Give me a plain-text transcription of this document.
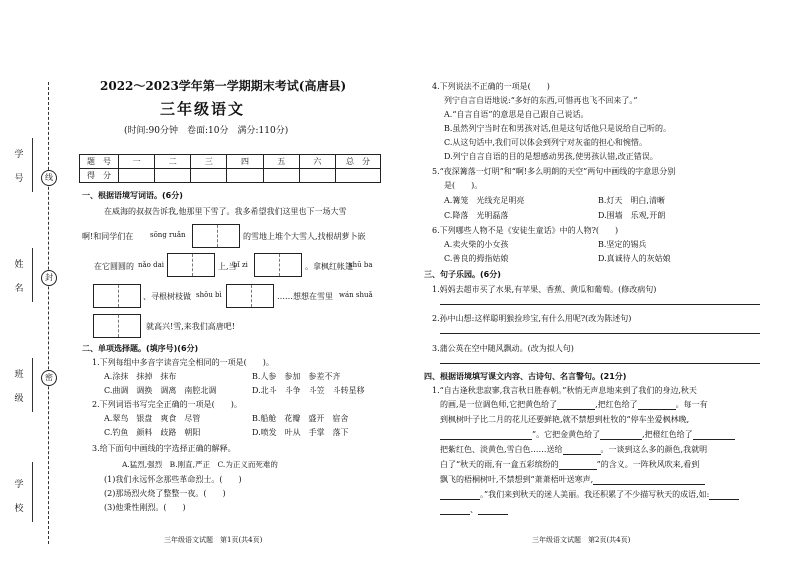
学
号
姓
名
班
级
学
校
线
封
密
2022～2023学年第一学期期末考试(高唐县)
三年级语文
(时间:90分钟　卷面:10分　满分:110分)
题　号	一	二	三	四	五	六	总　分
得　分							
一、根据语境写词语。(6分)
在威海的叔叔告诉我,他那里下雪了。我多希望我们这里也下一场大雪
啊!和同学们在 sōng ruǎn	的雪地上堆个大雪人,找根胡萝卜嵌
在它圆圆的 nǎo dai	上,当
bǐ zi	。拿枫红帐篷
shū ba
、寻根树枝做 shǒu bì	……想想在雪里 wán shuǎ
就高兴!雪,来我们高唐吧!
二、单项选择题。(填序号)(6分)
1.下列每组中多音字读音完全相同的一项是(　　)。
A.涂抹　抹掉　抹布	B.人参　参加　参差不齐
C.曲调　调换　调离　南腔北调	D.北斗　斗争　斗笠　斗转星移
2.下列词语书写完全正确的一项是(　　)。
A.翠鸟　银盘　爽食　尽管	B.船舱　花瓣　盛开　宿舍
C.钓鱼　颜料　歧路　朝阳	D.喷发　叶从　手掌　落下
3.给下面句中画线的字选择正确的解释。
A.猛烈,强烈　B.刚直,严正　C.为正义而死难的
(1)我们永远怀念那些革命烈士。(　　)
(2)那场烈火烧了整整一夜。(　　)
(3)他秉性刚烈。(　　)
三年级语文试题　第1页(共4页)
4.下列说法不正确的一项是(　　)
列宁自言自语地说:“多好的东西,可惜再也飞不回来了。”
A.“自言自语”的意思是自己跟自己说话。
B.虽然列宁当时在和男孩对话,但是这句话他只是说给自己听的。
C.从这句话中,我们可以体会到列宁对灰雀的担心和惋惜。
D.列宁自言自语的目的是想感动男孩,使男孩认错,改正错误。
5.“夜深篝落一灯明”和“啊!多么明朗的天空”两句中画线的字意思分别
是(　　)。
A.篝笼　光线充足明亮	B.灯天　明白,清晰
C.降落　光明磊落	D.围墙　乐观,开朗
6.下列哪些人物不是《安徒生童话》中的人物?(　　)
A.卖火柴的小女孩	B.坚定的锡兵
C.善良的拇指姑娘	D.真诚待人的灰姑娘
三、句子乐园。(6分)
1.妈妈去超市买了水果,有苹果、香蕉、黄瓜和葡萄。(修改病句)
2.孙中山想:这样聪明猴捡珍宝,有什么用呢?(改为陈述句)
3.蒲公英在空中随风飘动。(改为拟人句)
四、根据语境填写课文内容、古诗句、名言警句。(21分)
1.“自古逢秋悲寂寥,我言秋日胜春朝。”秋悄无声息地来到了我们的身边,秋天
的画,是一位调色师,它把黄色给了	,把红色给了	。每一有
到枫树叶子比二月的花儿还要鲜艳,就不禁想到杜牧的“停车坐爱枫林晚,
”。它把金黄色给了	,把橙红色给了
把紫红色、淡黄色,雪白色……送给	。一谈到这么多的颜色,我就明
白了“秋天的雨,有一盒五彩缤纷的	”的含义。一阵秋风吹来,看到
飘飞的梧桐树叶,不禁想到“萧萧梧叶送寒声,
。”我们来到秋天的迷人美丽。我还积累了不少描写秋天的成语,如:
、
三年级语文试题　第2页(共4页)
